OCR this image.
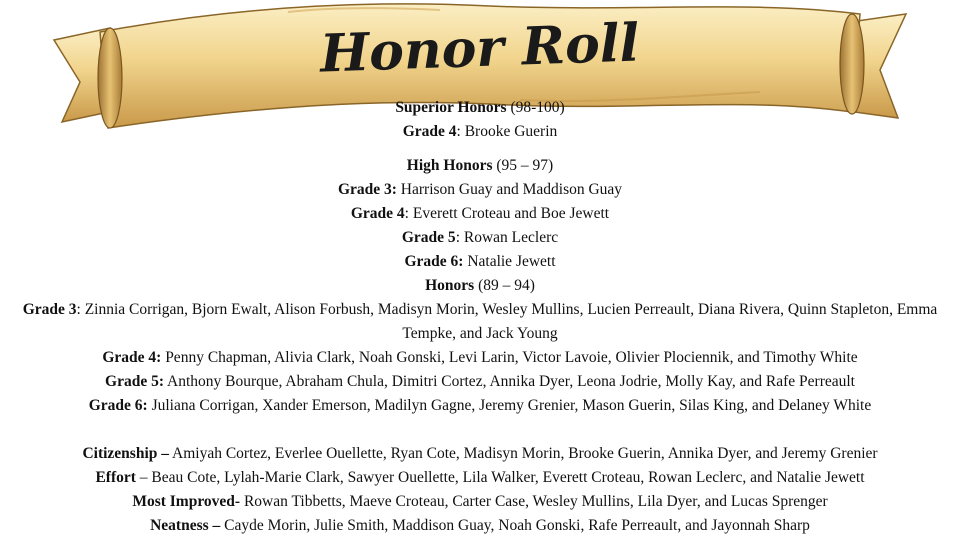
Honor Roll
Superior Honors (98-100)
Grade 4: Brooke Guerin
High Honors (95 – 97)
Grade 3: Harrison Guay and Maddison Guay
Grade 4: Everett Croteau and Boe Jewett
Grade 5: Rowan Leclerc
Grade 6: Natalie Jewett
Honors (89 – 94)
Grade 3: Zinnia Corrigan, Bjorn Ewalt, Alison Forbush, Madisyn Morin, Wesley Mullins, Lucien Perreault, Diana Rivera, Quinn Stapleton, Emma Tempke, and Jack Young
Grade 4: Penny Chapman, Alivia Clark, Noah Gonski, Levi Larin, Victor Lavoie, Olivier Plociennik, and Timothy White
Grade 5: Anthony Bourque, Abraham Chula, Dimitri Cortez, Annika Dyer, Leona Jodrie, Molly Kay, and Rafe Perreault
Grade 6: Juliana Corrigan, Xander Emerson, Madilyn Gagne, Jeremy Grenier, Mason Guerin, Silas King, and Delaney White
Citizenship – Amiyah Cortez, Everlee Ouellette, Ryan Cote, Madisyn Morin, Brooke Guerin, Annika Dyer, and Jeremy Grenier
Effort – Beau Cote, Lylah-Marie Clark, Sawyer Ouellette, Lila Walker, Everett Croteau, Rowan Leclerc, and Natalie Jewett
Most Improved- Rowan Tibbetts, Maeve Croteau, Carter Case, Wesley Mullins, Lila Dyer, and Lucas Sprenger
Neatness – Cayde Morin, Julie Smith, Maddison Guay, Noah Gonski, Rafe Perreault, and Jayonnah Sharp
